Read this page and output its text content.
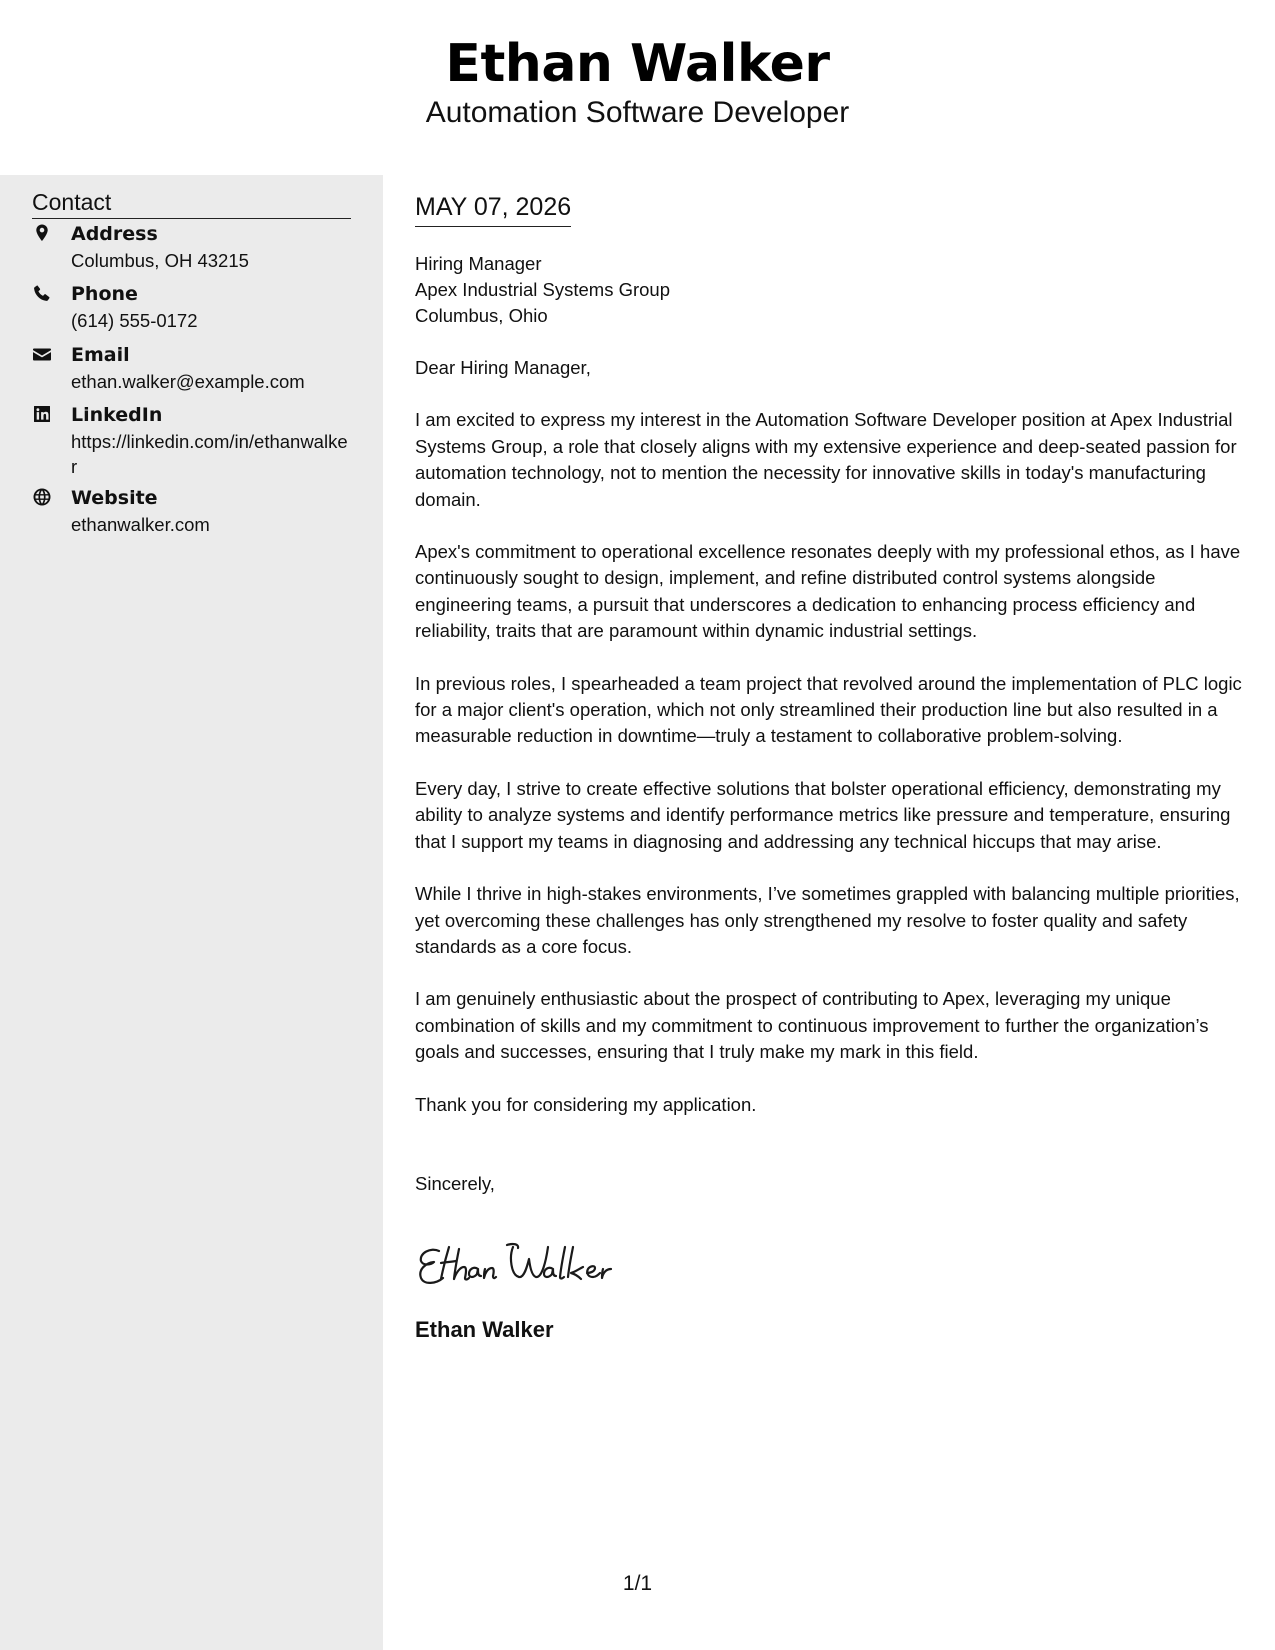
Ethan Walker
Automation Software Developer
Contact
Address
Columbus, OH 43215
Phone
(614) 555-0172
Email
ethan.walker@example.com
LinkedIn
https://linkedin.com/in/ethanwalker
Website
ethanwalker.com
MAY 07, 2026
Hiring Manager
Apex Industrial Systems Group
Columbus, Ohio

Dear Hiring Manager,

I am excited to express my interest in the Automation Software Developer position at Apex Industrial Systems Group, a role that closely aligns with my extensive experience and deep-seated passion for automation technology, not to mention the necessity for innovative skills in today's manufacturing domain.

Apex's commitment to operational excellence resonates deeply with my professional ethos, as I have continuously sought to design, implement, and refine distributed control systems alongside engineering teams, a pursuit that underscores a dedication to enhancing process efficiency and reliability, traits that are paramount within dynamic industrial settings.

In previous roles, I spearheaded a team project that revolved around the implementation of PLC logic for a major client's operation, which not only streamlined their production line but also resulted in a measurable reduction in downtime—truly a testament to collaborative problem-solving.

Every day, I strive to create effective solutions that bolster operational efficiency, demonstrating my ability to analyze systems and identify performance metrics like pressure and temperature, ensuring that I support my teams in diagnosing and addressing any technical hiccups that may arise.

While I thrive in high-stakes environments, I’ve sometimes grappled with balancing multiple priorities, yet overcoming these challenges has only strengthened my resolve to foster quality and safety standards as a core focus.

I am genuinely enthusiastic about the prospect of contributing to Apex, leveraging my unique combination of skills and my commitment to continuous improvement to further the organization’s goals and successes, ensuring that I truly make my mark in this field.

Thank you for considering my application.

Sincerely,
Ethan Walker
1/1
